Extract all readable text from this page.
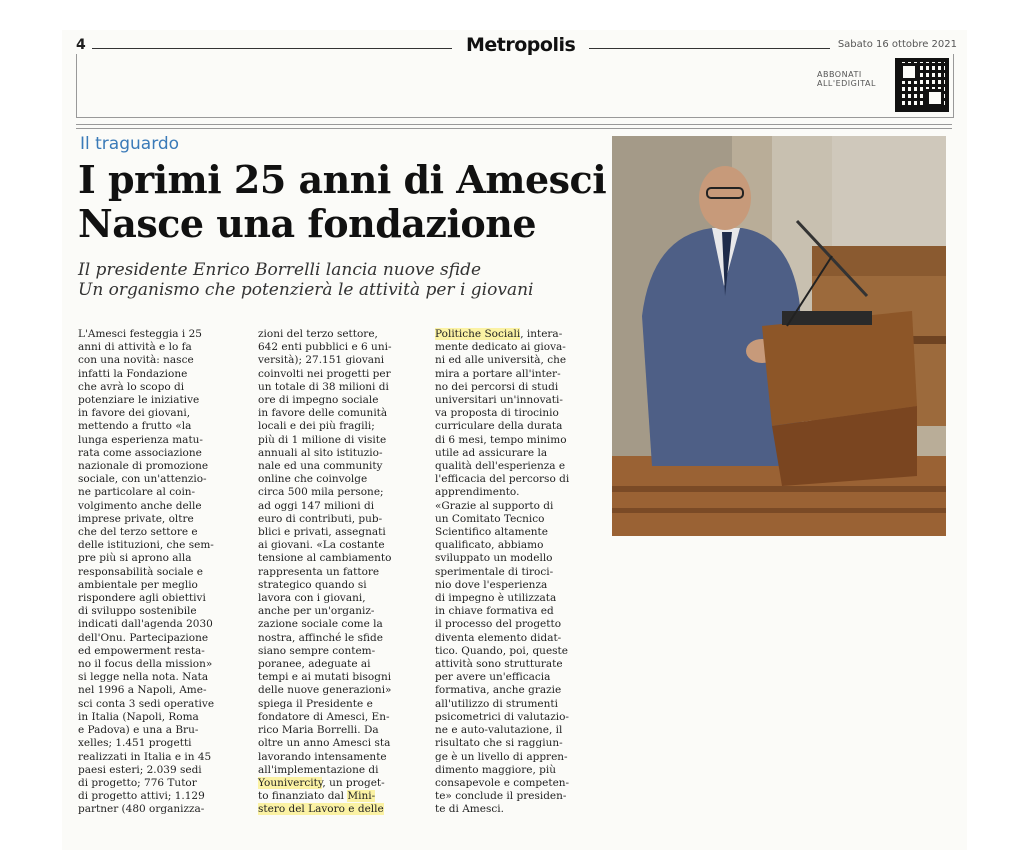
4	Metropolis	Sabato 16 ottobre 2021
ABBONATI ALL'EDIGITAL
Il traguardo
I primi 25 anni di Amesci
Nasce una fondazione
Il presidente Enrico Borrelli lancia nuove sfide
Un organismo che potenzierà le attività per i giovani
L'Amesci festeggia i 25
anni di attività e lo fa
con una novità: nasce
infatti la Fondazione
che avrà lo scopo di
potenziare le iniziative
in favore dei giovani,
mettendo a frutto «la
lunga esperienza matu-
rata come associazione
nazionale di promozione
sociale, con un'attenzio-
ne particolare al coin-
volgimento anche delle
imprese private, oltre
che del terzo settore e
delle istituzioni, che sem-
pre più si aprono alla
responsabilità sociale e
ambientale per meglio
rispondere agli obiettivi
di sviluppo sostenibile
indicati dall'agenda 2030
dell'Onu. Partecipazione
ed empowerment resta-
no il focus della mission»
si legge nella nota. Nata
nel 1996 a Napoli, Ame-
sci conta 3 sedi operative
in Italia (Napoli, Roma
e Padova) e una a Bru-
xelles; 1.451 progetti
realizzati in Italia e in 45
paesi esteri; 2.039 sedi
di progetto; 776 Tutor
di progetto attivi; 1.129
partner (480 organizza-
zioni del terzo settore,
642 enti pubblici e 6 uni-
versità); 27.151 giovani
coinvolti nei progetti per
un totale di 38 milioni di
ore di impegno sociale
in favore delle comunità
locali e dei più fragili;
più di 1 milione di visite
annuali al sito istituzio-
nale ed una community
online che coinvolge
circa 500 mila persone;
ad oggi 147 milioni di
euro di contributi, pub-
blici e privati, assegnati
ai giovani. «La costante
tensione al cambiamento
rappresenta un fattore
strategico quando si
lavora con i giovani,
anche per un'organiz-
zazione sociale come la
nostra, affinché le sfide
siano sempre contem-
poranee, adeguate ai
tempi e ai mutati bisogni
delle nuove generazioni»
spiega il Presidente e
fondatore di Amesci, En-
rico Maria Borrelli. Da
oltre un anno Amesci sta
lavorando intensamente
all'implementazione di
Younivercity, un proget-
to finanziato dal Mini-
stero del Lavoro e delle
Politiche Sociali, intera-
mente dedicato ai giova-
ni ed alle università, che
mira a portare all'inter-
no dei percorsi di studi
universitari un'innovati-
va proposta di tirocinio
curriculare della durata
di 6 mesi, tempo minimo
utile ad assicurare la
qualità dell'esperienza e
l'efficacia del percorso di
apprendimento.
«Grazie al supporto di
un Comitato Tecnico
Scientifico altamente
qualificato, abbiamo
sviluppato un modello
sperimentale di tiroci-
nio dove l'esperienza
di impegno è utilizzata
in chiave formativa ed
il processo del progetto
diventa elemento didat-
tico. Quando, poi, queste
attività sono strutturate
per avere un'efficacia
formativa, anche grazie
all'utilizzo di strumenti
psicometrici di valutazio-
ne e auto-valutazione, il
risultato che si raggiun-
ge è un livello di appren-
dimento maggiore, più
consapevole e competen-
te» conclude il presiden-
te di Amesci.
